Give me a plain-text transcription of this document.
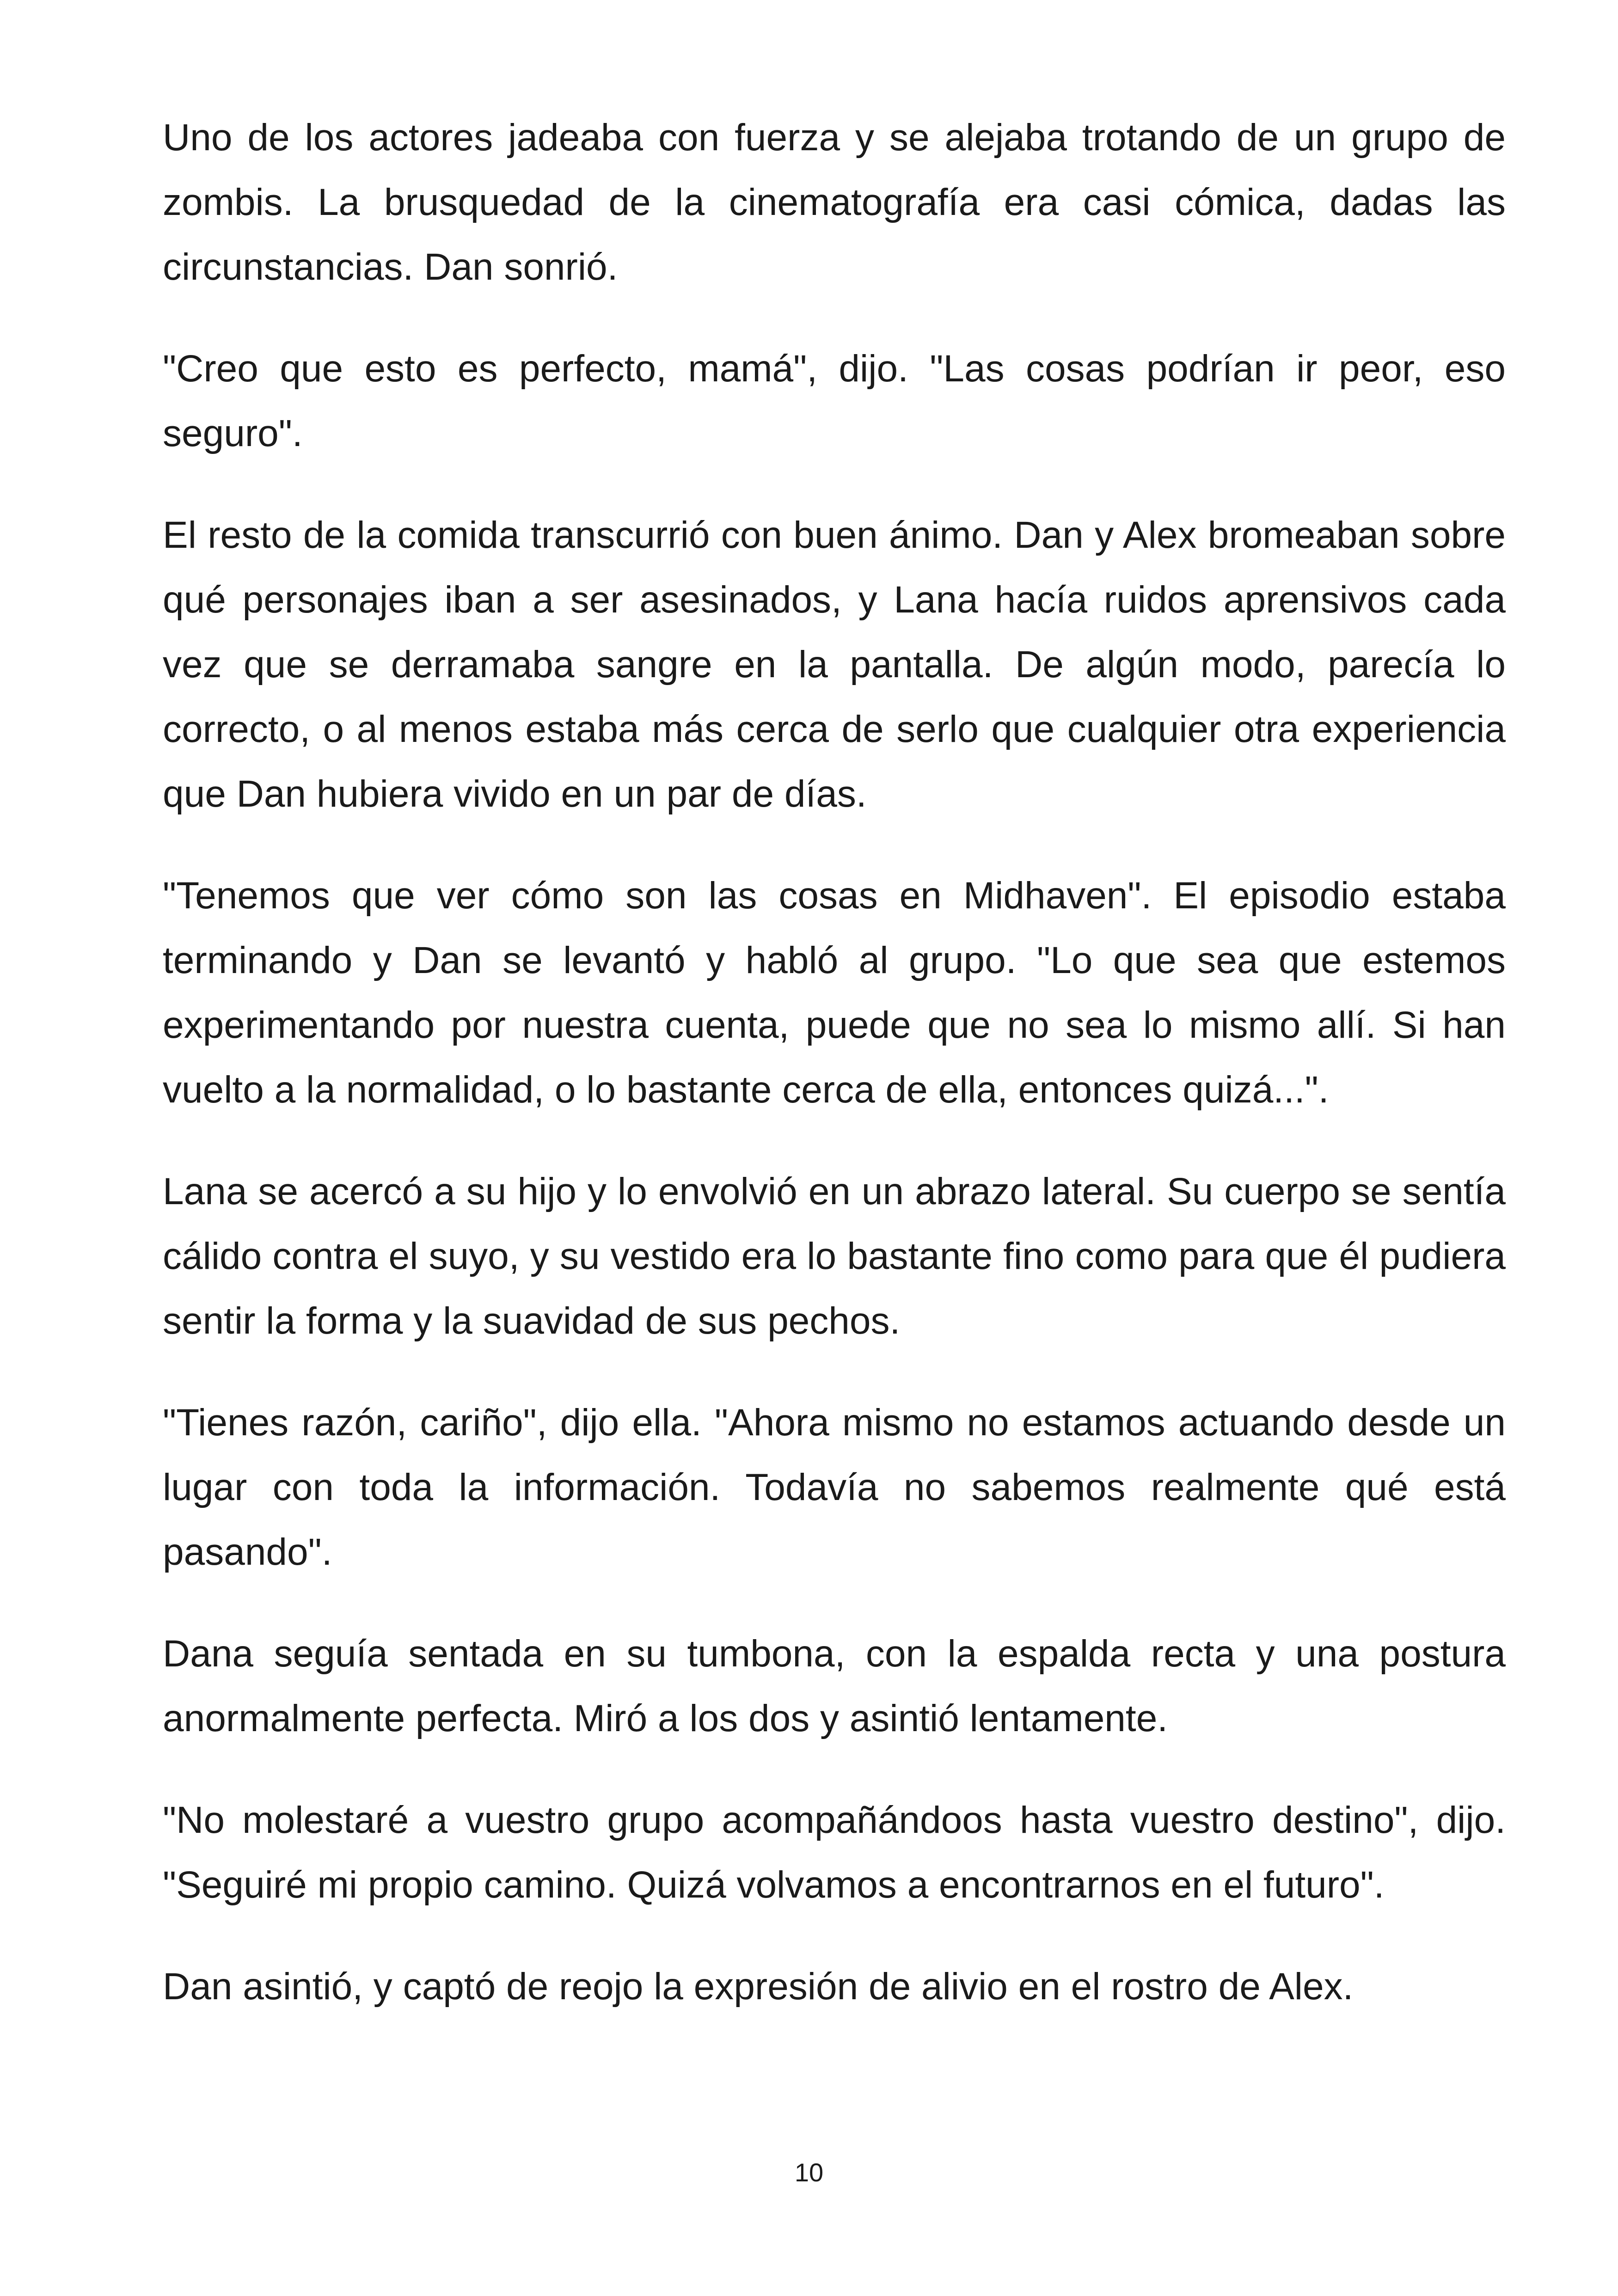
Uno de los actores jadeaba con fuerza y se alejaba trotando de un grupo de zombis. La brusquedad de la cinematografía era casi cómica, dadas las circunstancias. Dan sonrió.

"Creo que esto es perfecto, mamá", dijo. "Las cosas podrían ir peor, eso seguro".

El resto de la comida transcurrió con buen ánimo. Dan y Alex bromeaban sobre qué personajes iban a ser asesinados, y Lana hacía ruidos aprensivos cada vez que se derramaba sangre en la pantalla. De algún modo, parecía lo correcto, o al menos estaba más cerca de serlo que cualquier otra experiencia que Dan hubiera vivido en un par de días.

"Tenemos que ver cómo son las cosas en Midhaven". El episodio estaba terminando y Dan se levantó y habló al grupo. "Lo que sea que estemos experimentando por nuestra cuenta, puede que no sea lo mismo allí. Si han vuelto a la normalidad, o lo bastante cerca de ella, entonces quizá...".

Lana se acercó a su hijo y lo envolvió en un abrazo lateral. Su cuerpo se sentía cálido contra el suyo, y su vestido era lo bastante fino como para que él pudiera sentir la forma y la suavidad de sus pechos.

"Tienes razón, cariño", dijo ella. "Ahora mismo no estamos actuando desde un lugar con toda la información. Todavía no sabemos realmente qué está pasando".

Dana seguía sentada en su tumbona, con la espalda recta y una postura anormalmente perfecta. Miró a los dos y asintió lentamente.

"No molestaré a vuestro grupo acompañándoos hasta vuestro destino", dijo. "Seguiré mi propio camino. Quizá volvamos a encontrarnos en el futuro".

Dan asintió, y captó de reojo la expresión de alivio en el rostro de Alex.

10
